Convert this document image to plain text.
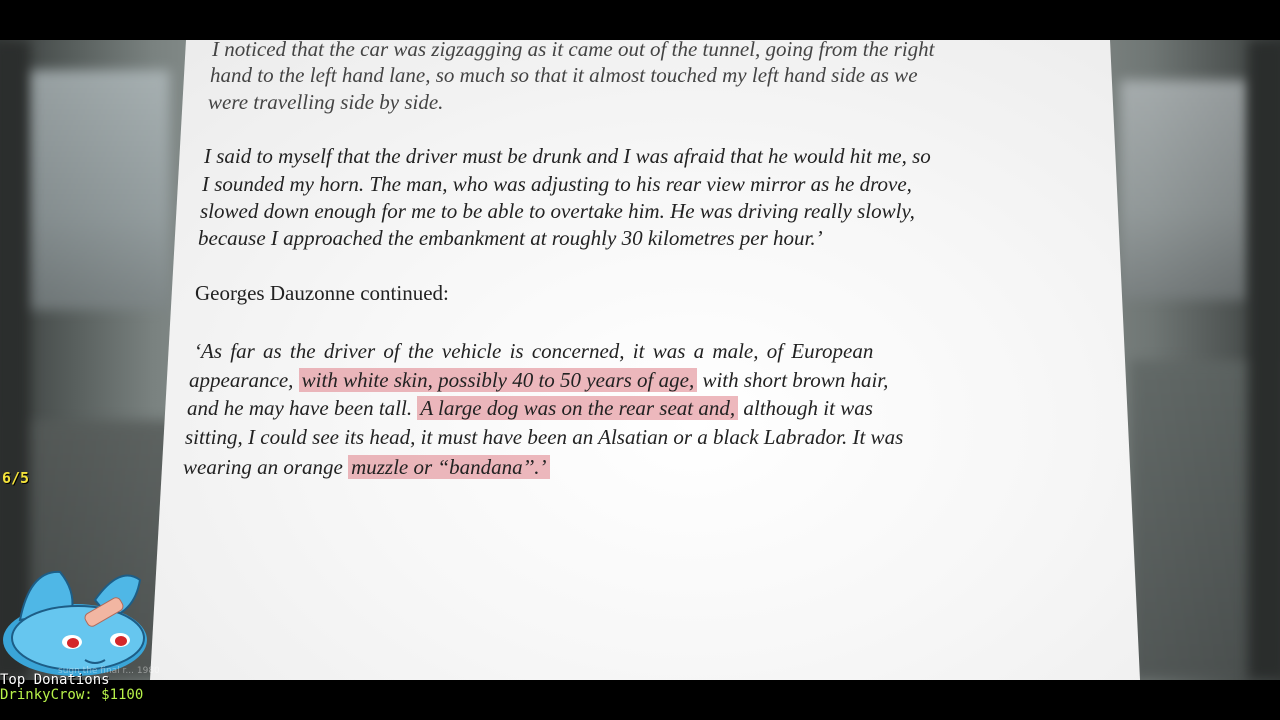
I noticed that the car was zigzagging as it came out of the tunnel, going from the right
hand to the left hand lane, so much so that it almost touched my left hand side as we
were travelling side by side.
I said to myself that the driver must be drunk and I was afraid that he would hit me, so
I sounded my horn. The man, who was adjusting to his rear view mirror as he drove,
slowed down enough for me to be able to overtake him. He was driving really slowly,
because I approached the embankment at roughly 30 kilometres per hour.’
Georges Dauzonne continued:
‘As far as the driver of the vehicle is concerned, it was a male, of European
appearance, with white skin, possibly 40 to 50 years of age, with short brown hair,
and he may have been tall. A large dog was on the rear seat and, although it was
sitting, I could see its head, it must have been an Alsatian or a black Labrador. It was
wearing an orange muzzle or “bandana’’.’
6/5
sugn the final r... 1980
Top Donations
DrinkyCrow: $1100
